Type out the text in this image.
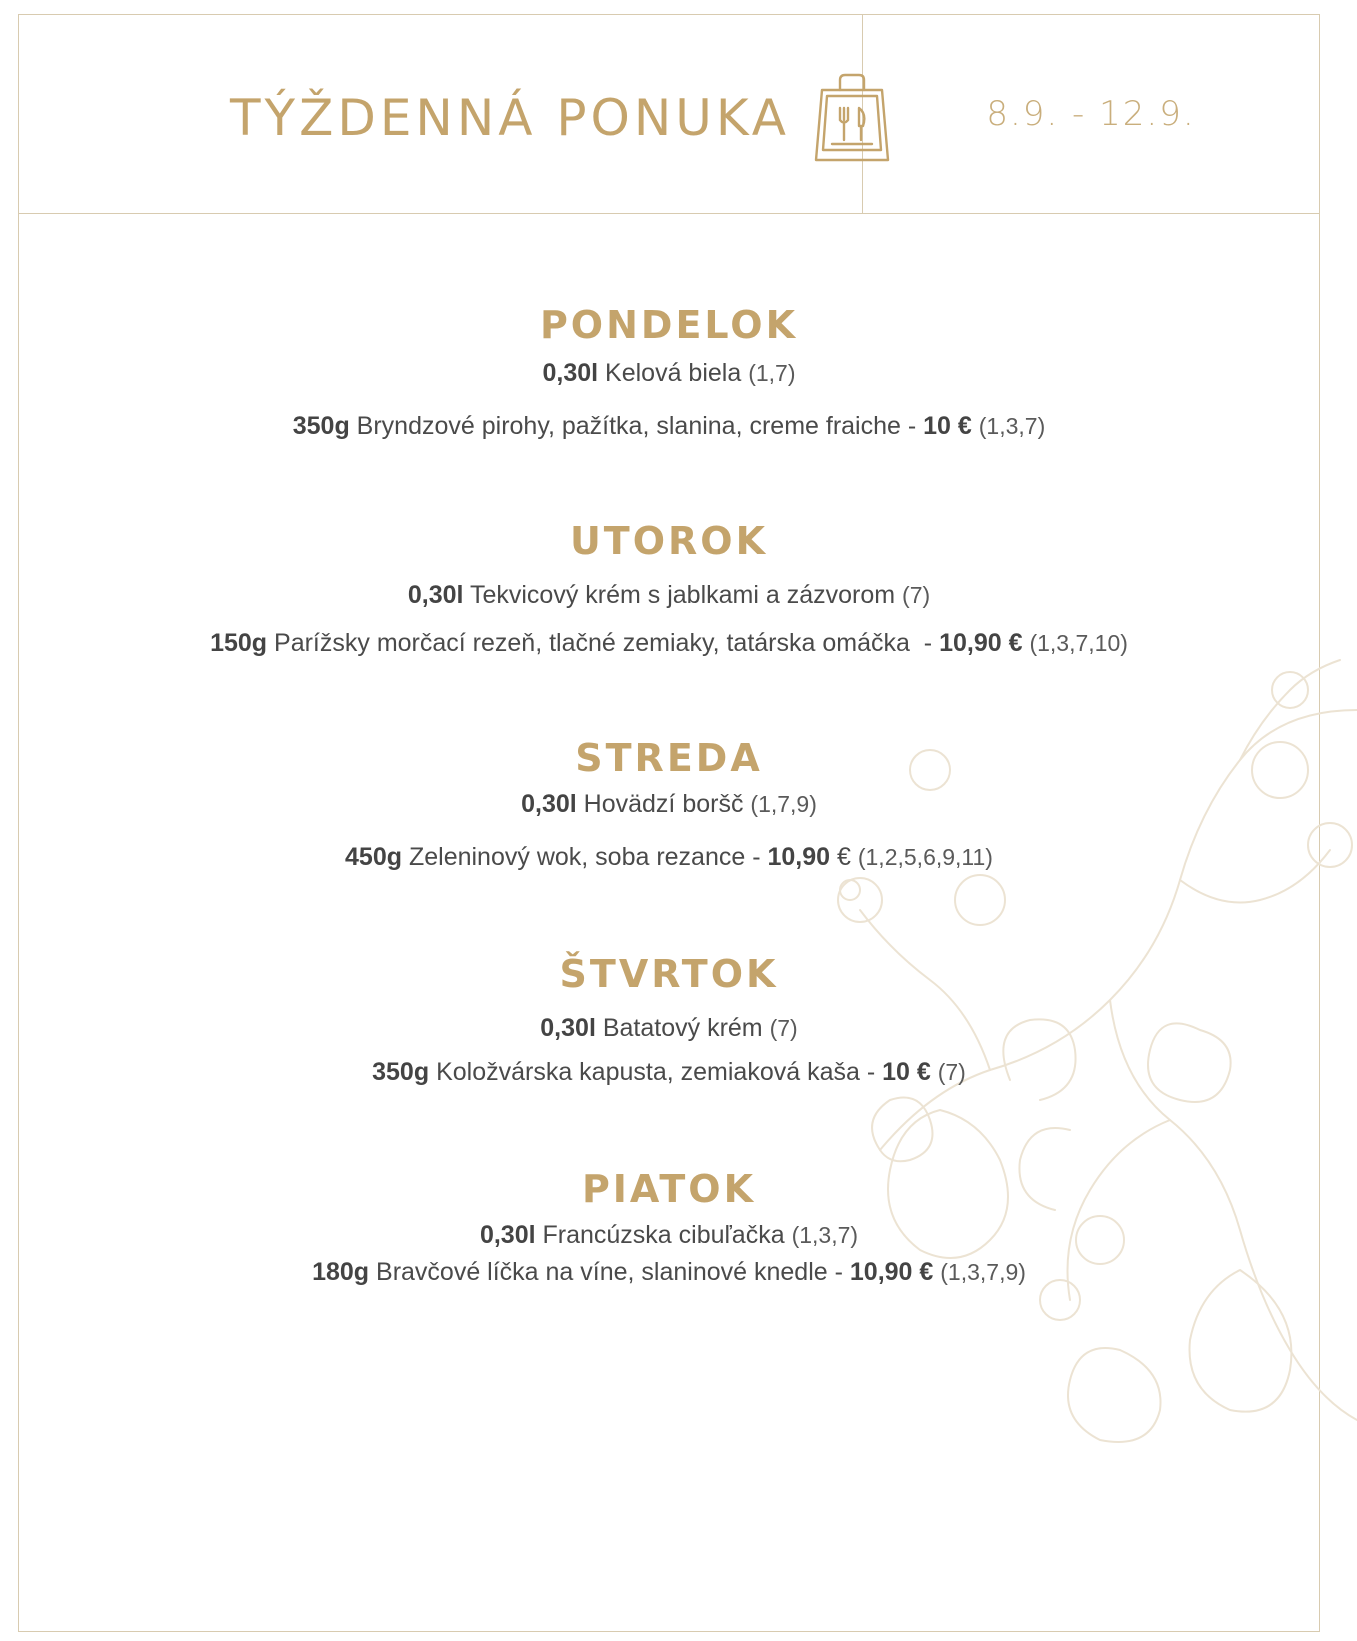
TÝŽDENNÁ PONUKA	8.9. - 12.9.
PONDELOK
0,30l Kelová biela (1,7)
350g Bryndzové pirohy, pažítka, slanina, creme fraiche - 10 € (1,3,7)
UTOROK
0,30l Tekvicový krém s jablkami a zázvorom (7)
150g Parížsky morčací rezeň, tlačné zemiaky, tatárska omáčka  - 10,90 € (1,3,7,10)
STREDA
0,30l Hovädzí boršč (1,7,9)
450g Zeleninový wok, soba rezance - 10,90 € (1,2,5,6,9,11)
ŠTVRTOK
0,30l Batatový krém (7)
350g Koložvárska kapusta, zemiaková kaša - 10 € (7)
PIATOK
0,30l Francúzska cibuľačka (1,3,7)
180g Bravčové líčka na víne, slaninové knedle - 10,90 € (1,3,7,9)
